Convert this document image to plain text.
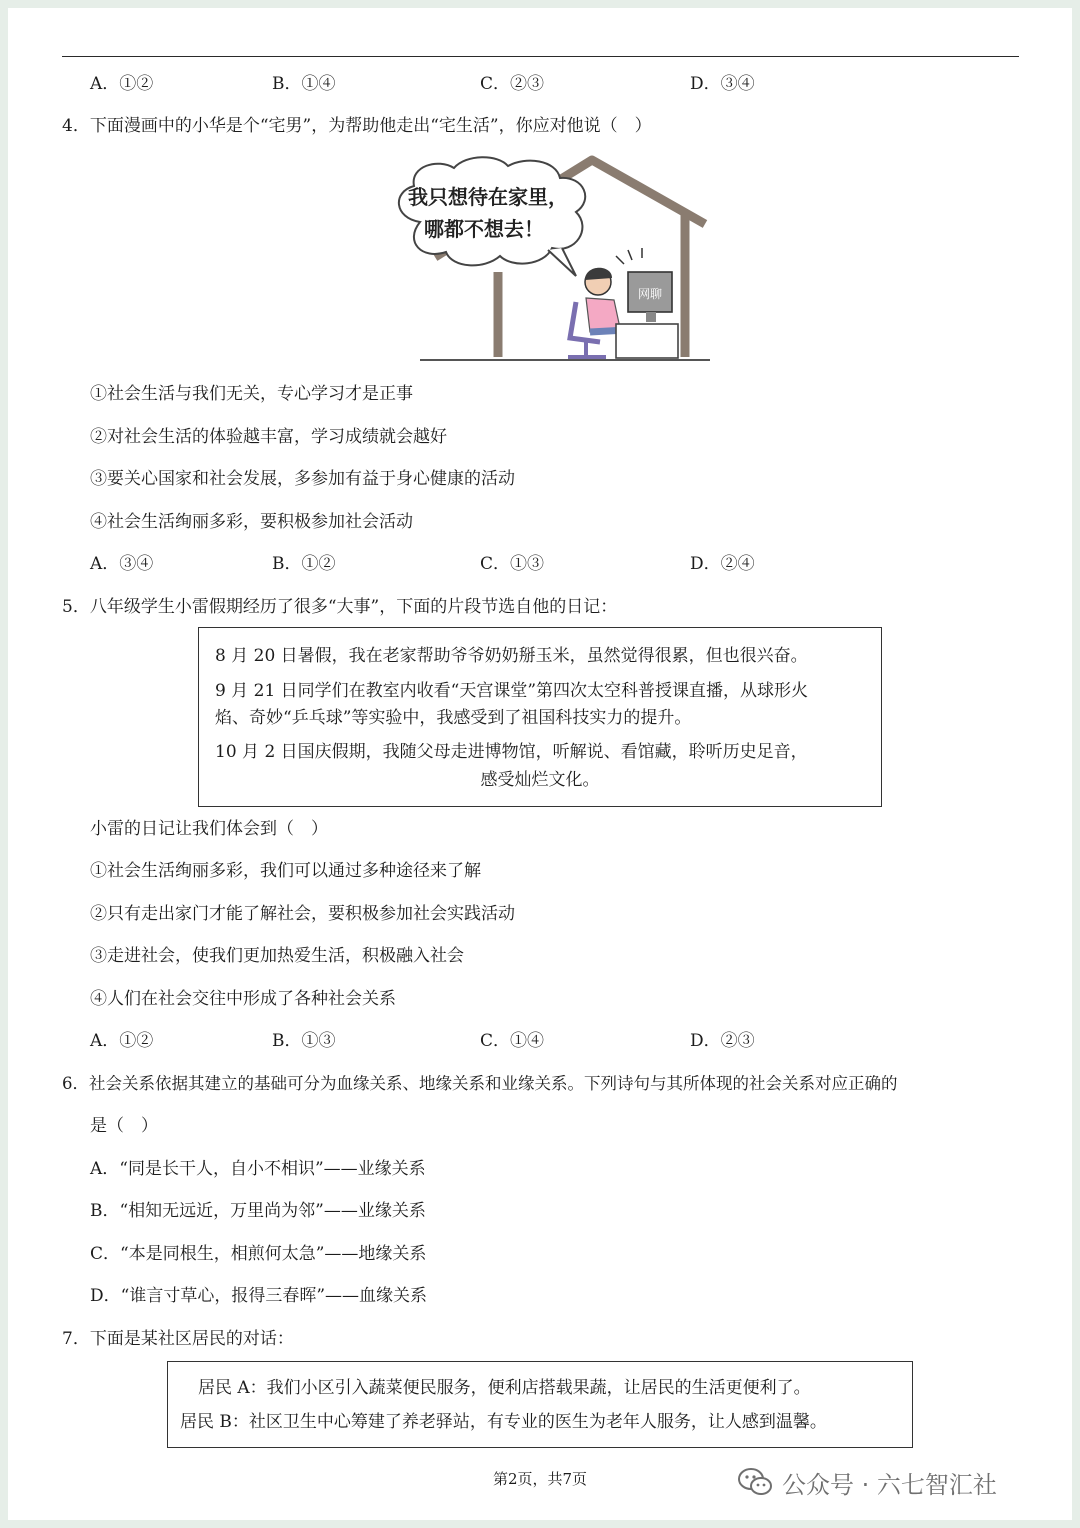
A．①②	B．①④	C．②③	D．③④
4．下面漫画中的小华是个“宅男”，为帮助他走出“宅生活”，你应对他说（　）
我只想待在家里，
哪都不想去！
网聊
①社会生活与我们无关，专心学习才是正事
②对社会生活的体验越丰富，学习成绩就会越好
③要关心国家和社会发展，多参加有益于身心健康的活动
④社会生活绚丽多彩，要积极参加社会活动
A．③④	B．①②	C．①③	D．②④
5．八年级学生小雷假期经历了很多“大事”，下面的片段节选自他的日记：
8 月 20 日暑假，我在老家帮助爷爷奶奶掰玉米，虽然觉得很累，但也很兴奋。
9 月 21 日同学们在教室内收看“天宫课堂”第四次太空科普授课直播，从球形火
焰、奇妙“乒乓球”等实验中，我感受到了祖国科技实力的提升。
10 月 2 日国庆假期，我随父母走进博物馆，听解说、看馆藏，聆听历史足音，
感受灿烂文化。
小雷的日记让我们体会到（　）
①社会生活绚丽多彩，我们可以通过多种途径来了解
②只有走出家门才能了解社会，要积极参加社会实践活动
③走进社会，使我们更加热爱生活，积极融入社会
④人们在社会交往中形成了各种社会关系
A．①②	B．①③	C．①④	D．②③
6．社会关系依据其建立的基础可分为血缘关系、地缘关系和业缘关系。下列诗句与其所体现的社会关系对应正确的
是（　）
A．“同是长干人，自小不相识”——业缘关系
B．“相知无远近，万里尚为邻”——业缘关系
C．“本是同根生，相煎何太急”——地缘关系
D．“谁言寸草心，报得三春晖”——血缘关系
7．下面是某社区居民的对话：
居民 A：我们小区引入蔬菜便民服务，便利店搭载果蔬，让居民的生活更便利了。
居民 B：社区卫生中心筹建了养老驿站，有专业的医生为老年人服务，让人感到温馨。
第2页，共7页	公众号 · 六七智汇社
